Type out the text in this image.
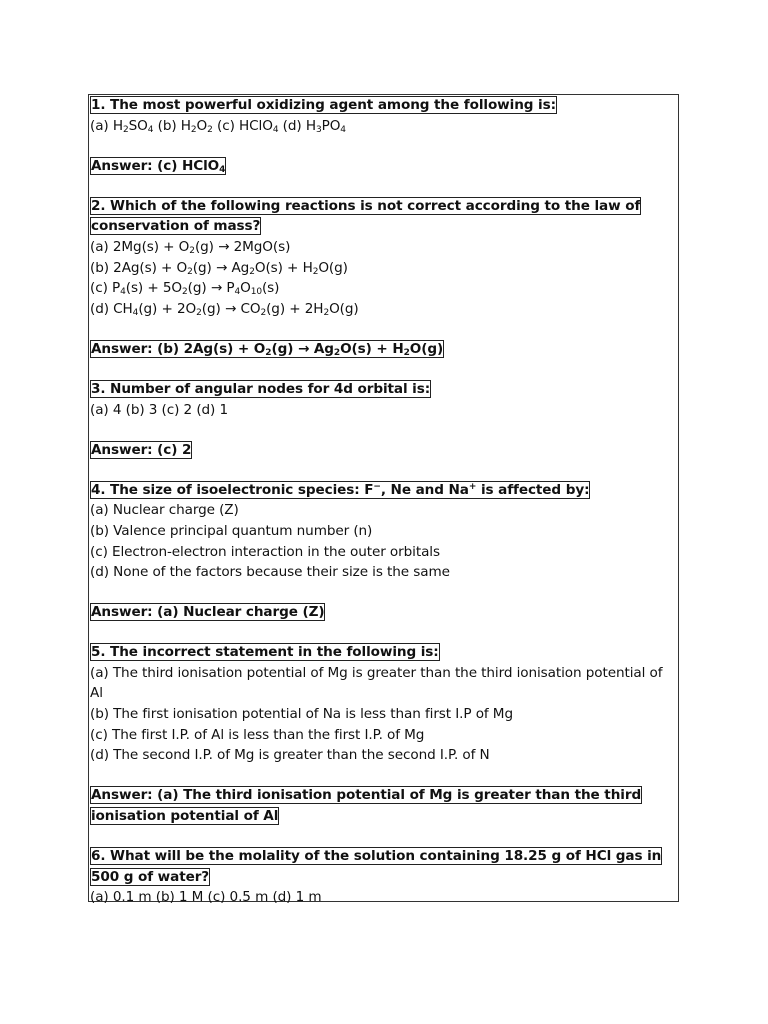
1. The most powerful oxidizing agent among the following is:
(a) $H_2SO_4$ (b) $H_2O_2$ (c) HClO$_4$ (d) $H_3PO_4$
Answer: (c) HClO$_4$
2. Which of the following reactions is not correct according to the law of conservation of mass?
(a) $2Mg(s) + O_2(g) \to 2MgO(s)$
(b) $2Ag(s) + O_2(g) \to Ag_2O(s) + H_2O(g)$
(c) $P_4(s) + 5O_2(g) \to P_4O_{10}(s)$
(d) $CH_4(g) + 2O_2(g) \to CO_2(g) + 2H_2O(g)$
Answer: (b) $2Ag(s) + O_2(g) \to Ag_2O(s) + H_2O(g)$
3. Number of angular nodes for 4d orbital is:
(a) 4 (b) 3 (c) 2 (d) 1
Answer: (c) 2
4. The size of isoelectronic species: F−, Ne and Na+ is affected by:
(a) Nuclear charge (Z)
(b) Valence principal quantum number (n)
(c) Electron-electron interaction in the outer orbitals
(d) None of the factors because their size is the same
Answer: (a) Nuclear charge (Z)
5. The incorrect statement in the following is:
(a) The third ionisation potential of Mg is greater than the third ionisation potential of Al
(b) The first ionisation potential of Na is less than first I.P of Mg
(c) The first I.P. of Al is less than the first I.P. of Mg
(d) The second I.P. of Mg is greater than the second I.P. of N
Answer: (a) The third ionisation potential of Mg is greater than the third ionisation potential of Al
6. What will be the molality of the solution containing 18.25 g of HCl gas in 500 g of water?
(a) 0.1 m (b) 1 M (c) 0.5 m (d) 1 m
